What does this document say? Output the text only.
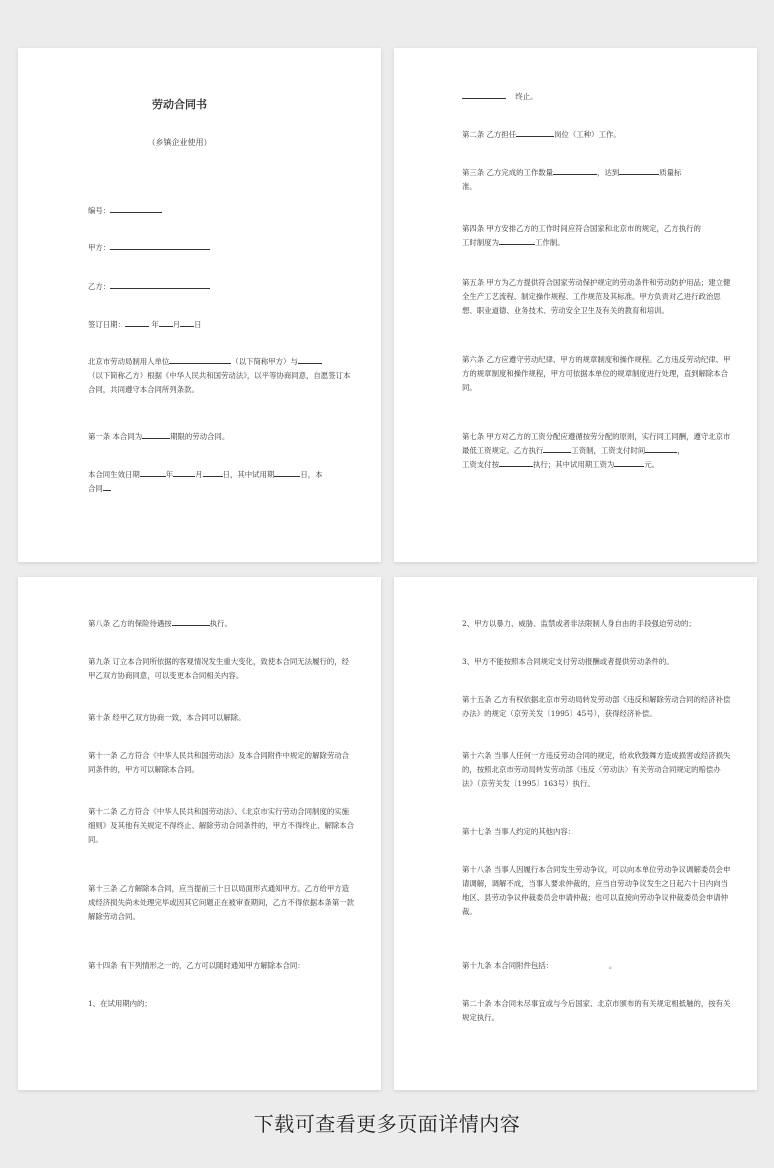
劳动合同书

（乡镇企业使用）

编号：

甲方：

乙方：

签订日期：	年 月 日

北京市劳动局制用人单位	（以下简称甲方）与
（以下简称乙方）根据《中华人民共和国劳动法》，以平等协商同意，自愿签订本合同，共同遵守本合同所列条款。

第一条 本合同为	期限的劳动合同。

本合同生效日期	年	月	日，其中试用期	日，本
合同

终止。

第二条 乙方担任	岗位（工种）工作。

第三条 乙方完成的工作数量	，达到	质量标
准。

第四条 甲方安排乙方的工作时间应符合国家和北京市的规定，乙方执行的
工时制度为	工作制。

第五条 甲方为乙方提供符合国家劳动保护规定的劳动条件和劳动防护用品；建立健全生产工艺流程、制定操作规程、工作规范及其标准。甲方负责对乙进行政治思想、职业道德、业务技术、劳动安全卫生及有关的教育和培训。

第六条 乙方应遵守劳动纪律、甲方的规章制度和操作规程。乙方违反劳动纪律、甲方的规章制度和操作规程，甲方可依据本单位的规章制度进行处理，直到解除本合同。

第七条 甲方对乙方的工资分配应遵循按劳分配的原则，实行同工同酬，遵守北京市最低工资规定。乙方执行	工资制，工资支付时间	，
工资支付按	执行；其中试用期工资为	元。

第八条 乙方的保险待遇按	执行。

第九条 订立本合同所依据的客观情况发生重大变化，致使本合同无法履行的，经甲乙双方协商同意，可以变更本合同相关内容。

第十条 经甲乙双方协商一致，本合同可以解除。

第十一条 乙方符合《中华人民共和国劳动法》及本合同附件中规定的解除劳动合同条件的，甲方可以解除本合同。

第十二条 乙方符合《中华人民共和国劳动法》、《北京市实行劳动合同制度的实施细则》及其他有关规定不得终止、解除劳动合同条件的，甲方不得终止、解除本合同。

第十三条 乙方解除本合同，应当提前三十日以局面形式通知甲方。乙方给甲方造成经济损失尚未处理完毕或因其它问题正在被审查期间，乙方不得依据本条第一款解除劳动合同。

第十四条 有下列情形之一的，乙方可以随时通知甲方解除本合同：

1、在试用期内的；

2、甲方以暴力、威胁、监禁或者非法限制人身自由的手段强迫劳动的；

3、甲方不能按照本合同规定支付劳动报酬或者提供劳动条件的。

第十五条 乙方有权依据北京市劳动局转发劳动部《违反和解除劳动合同的经济补偿办法》的规定（京劳关发〔1995〕45号），获得经济补偿。

第十六条 当事人任何一方违反劳动合同的规定，给欢欣鼓舞方造成损害或经济损失的，按照北京市劳动局转发劳动部《违反〈劳动法〉有关劳动合同规定的赔偿办法》（京劳关发〔1995〕163号）执行。

第十七条 当事人约定的其他内容：

第十八条 当事人因履行本合同发生劳动争议，可以向本单位劳动争议调解委员会申请调解，调解不成，当事人要求仲裁的，应当自劳动争议发生之日起六十日内向当地区、县劳动争议仲裁委员会申请仲裁；也可以直接向劳动争议仲裁委员会申请仲裁。

第十九条 本合同附件包括：	。

第二十条 本合同未尽事宜或与今后国家、北京市颁布的有关规定相抵触的，按有关规定执行。

下载可查看更多页面详情内容
